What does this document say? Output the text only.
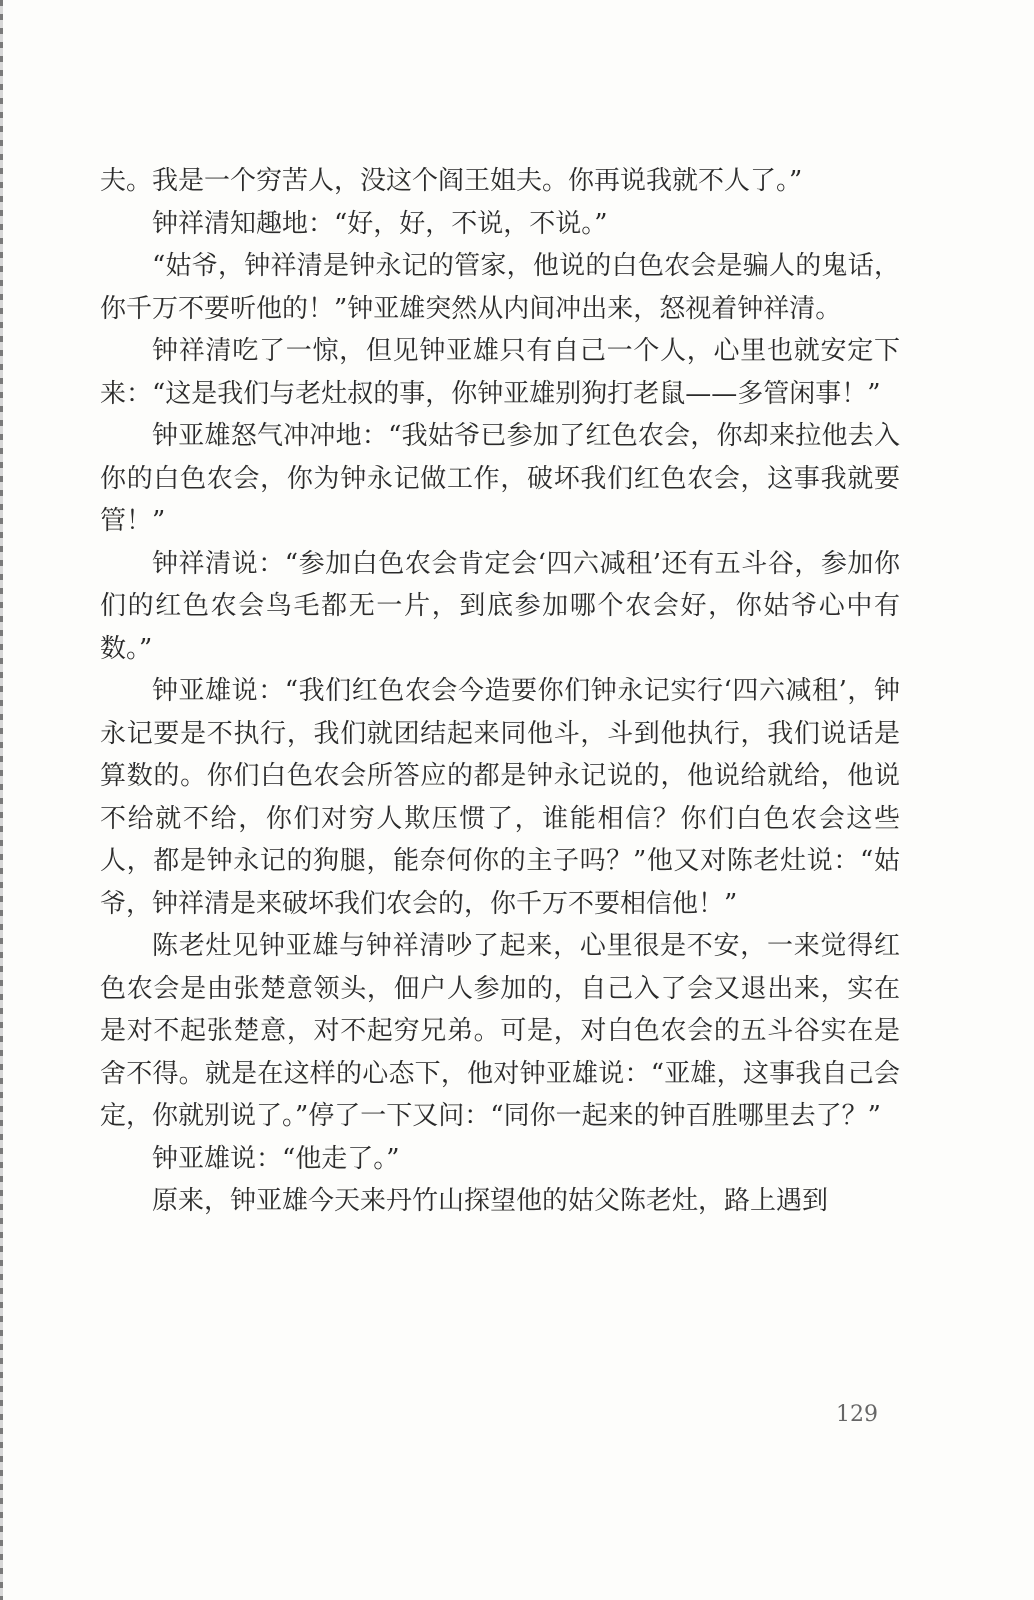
夫。我是一个穷苦人，没这个阎王姐夫。你再说我就不人了。”

钟祥清知趣地：“好，好，不说，不说。”

“姑爷，钟祥清是钟永记的管家，他说的白色农会是骗人的鬼话，你千万不要听他的！”钟亚雄突然从内间冲出来，怒视着钟祥清。

钟祥清吃了一惊，但见钟亚雄只有自己一个人，心里也就安定下来：“这是我们与老灶叔的事，你钟亚雄别狗打老鼠——多管闲事！”

钟亚雄怒气冲冲地：“我姑爷已参加了红色农会，你却来拉他去入你的白色农会，你为钟永记做工作，破坏我们红色农会，这事我就要管！”

钟祥清说：“参加白色农会肯定会‘四六减租’还有五斗谷，参加你们的红色农会鸟毛都无一片，到底参加哪个农会好，你姑爷心中有数。”

钟亚雄说：“我们红色农会今造要你们钟永记实行‘四六减租’，钟永记要是不执行，我们就团结起来同他斗，斗到他执行，我们说话是算数的。你们白色农会所答应的都是钟永记说的，他说给就给，他说不给就不给，你们对穷人欺压惯了，谁能相信？你们白色农会这些人，都是钟永记的狗腿，能奈何你的主子吗？”他又对陈老灶说：“姑爷，钟祥清是来破坏我们农会的，你千万不要相信他！”

陈老灶见钟亚雄与钟祥清吵了起来，心里很是不安，一来觉得红色农会是由张楚意领头，佃户人参加的，自己入了会又退出来，实在是对不起张楚意，对不起穷兄弟。可是，对白色农会的五斗谷实在是舍不得。就是在这样的心态下，他对钟亚雄说：“亚雄，这事我自己会定，你就别说了。”停了一下又问：“同你一起来的钟百胜哪里去了？”

钟亚雄说：“他走了。”

原来，钟亚雄今天来丹竹山探望他的姑父陈老灶，路上遇到

129
